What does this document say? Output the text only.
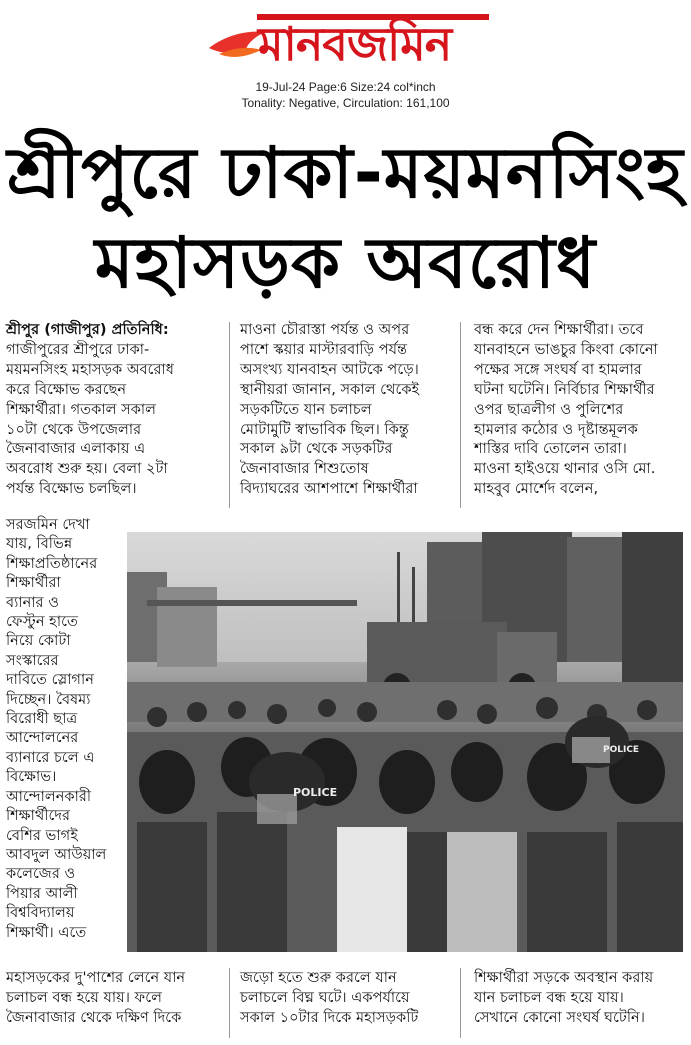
মানবজমিন
19-Jul-24 Page:6 Size:24 col*inch
Tonality: Negative, Circulation: 161,100
শ্রীপুরে ঢাকা-ময়মনসিংহ
মহাসড়ক অবরোধ

শ্রীপুর (গাজীপুর) প্রতিনিধি:

গাজীপুরের শ্রীপুরে ঢাকা-

ময়মনসিংহ মহাসড়ক অবরোধ

করে বিক্ষোভ করছেন

শিক্ষার্থীরা। গতকাল সকাল

১০টা থেকে উপজেলার

জৈনাবাজার এলাকায় এ

অবরোধ শুরু হয়। বেলা ২টা

পর্যন্ত বিক্ষোভ চলছিল।

মাওনা চৌরাস্তা পর্যন্ত ও অপর

পাশে স্কয়ার মাস্টারবাড়ি পর্যন্ত

অসংখ্য যানবাহন আটকে পড়ে।

স্থানীয়রা জানান, সকাল থেকেই

সড়কটিতে যান চলাচল

মোটামুটি স্বাভাবিক ছিল। কিন্তু

সকাল ৯টা থেকে সড়কটির

জৈনাবাজার শিশুতোষ

বিদ্যাঘরের আশপাশে শিক্ষার্থীরা

বন্ধ করে দেন শিক্ষার্থীরা। তবে

যানবাহনে ভাঙচুর কিংবা কোনো

পক্ষের সঙ্গে সংঘর্ষ বা হামলার

ঘটনা ঘটেনি। নির্বিচার শিক্ষার্থীর

ওপর ছাত্রলীগ ও পুলিশের

হামলার কঠোর ও দৃষ্টান্তমূলক

শাস্তির দাবি তোলেন তারা।

মাওনা হাইওয়ে থানার ওসি মো.

মাহবুব মোর্শেদ বলেন,

সরজমিন দেখা

যায়, বিভিন্ন

শিক্ষাপ্রতিষ্ঠানের

শিক্ষার্থীরা

ব্যানার ও

ফেস্টুন হাতে

নিয়ে কোটা

সংস্কারের

দাবিতে স্লোগান

দিচ্ছেন। বৈষম্য

বিরোধী ছাত্র

আন্দোলনের

ব্যানারে চলে এ

বিক্ষোভ।

আন্দোলনকারী

শিক্ষার্থীদের

বেশির ভাগই

আবদুল আউয়াল

কলেজের ও

পিয়ার আলী

বিশ্ববিদ্যালয়

শিক্ষার্থী। এতে

POLICE
POLICE

মহাসড়কের দু'পাশের লেনে যান

চলাচল বন্ধ হয়ে যায়। ফলে

জৈনাবাজার থেকে দক্ষিণ দিকে

জড়ো হতে শুরু করলে যান

চলাচলে বিঘ্ন ঘটে। একপর্যায়ে

সকাল ১০টার দিকে মহাসড়কটি

শিক্ষার্থীরা সড়কে অবস্থান করায়

যান চলাচল বন্ধ হয়ে যায়।

সেখানে কোনো সংঘর্ষ ঘটেনি।
